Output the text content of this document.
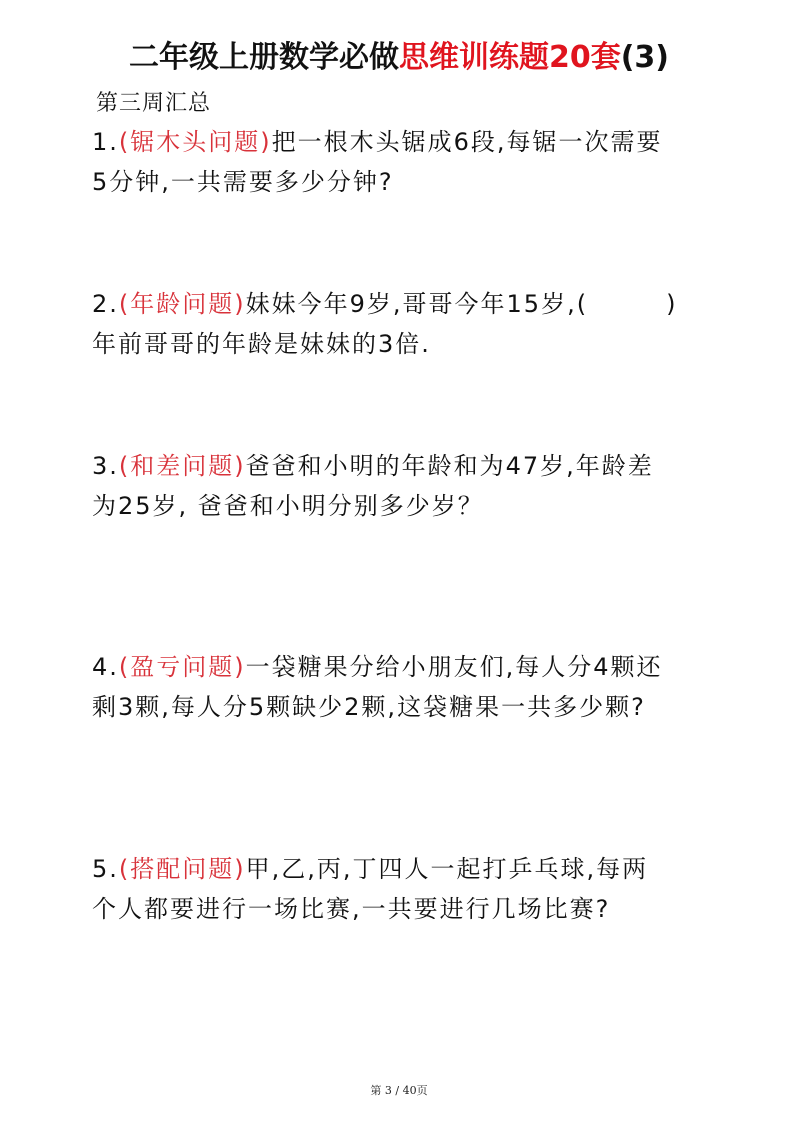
二年级上册数学必做思维训练题20套(3)
第三周汇总
1.(锯木头问题)把一根木头锯成6段,每锯一次需要
5分钟,一共需要多少分钟?
2.(年龄问题)妹妹今年9岁,哥哥今年15岁,(　　　)
年前哥哥的年龄是妹妹的3倍.
3.(和差问题)爸爸和小明的年龄和为47岁,年龄差
为25岁, 爸爸和小明分别多少岁？
4.(盈亏问题)一袋糖果分给小朋友们,每人分4颗还
剩3颗,每人分5颗缺少2颗,这袋糖果一共多少颗?
5.(搭配问题)甲,乙,丙,丁四人一起打乒乓球,每两
个人都要进行一场比赛,一共要进行几场比赛?
第 3 / 40页
